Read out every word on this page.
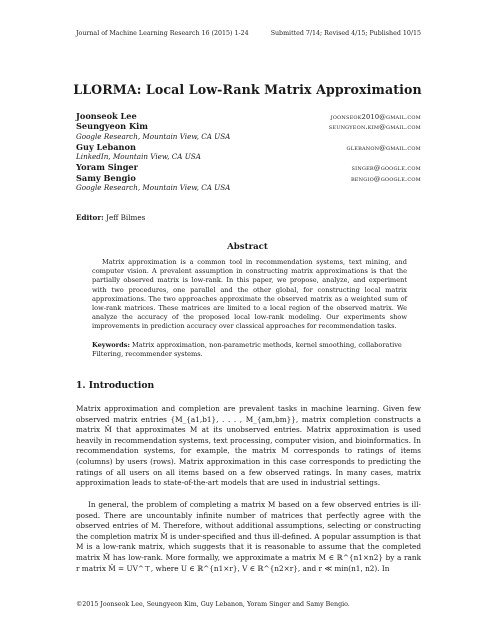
Journal of Machine Learning Research 16 (2015) 1-24	Submitted 7/14; Revised 4/15; Published 10/15
LLORMA: Local Low-Rank Matrix Approximation
Joonseok Lee	joonseok2010@gmail.com
Seungyeon Kim	seungyeon.kim@gmail.com
Google Research, Mountain View, CA USA
Guy Lebanon	glebanon@gmail.com
LinkedIn, Mountain View, CA USA
Yoram Singer	singer@google.com
Samy Bengio	bengio@google.com
Google Research, Mountain View, CA USA
Editor: Jeff Bilmes
Abstract
Matrix approximation is a common tool in recommendation systems, text mining, and computer vision. A prevalent assumption in constructing matrix approximations is that the partially observed matrix is low-rank. In this paper, we propose, analyze, and experiment with two procedures, one parallel and the other global, for constructing local matrix approximations. The two approaches approximate the observed matrix as a weighted sum of low-rank matrices. These matrices are limited to a local region of the observed matrix. We analyze the accuracy of the proposed local low-rank modeling. Our experiments show improvements in prediction accuracy over classical approaches for recommendation tasks.
Keywords: Matrix approximation, non-parametric methods, kernel smoothing, collaborative Filtering, recommender systems.
1. Introduction
Matrix approximation and completion are prevalent tasks in machine learning. Given few observed matrix entries {M_{a1,b1}, . . . , M_{am,bm}}, matrix completion constructs a matrix M̂ that approximates M at its unobserved entries. Matrix approximation is used heavily in recommendation systems, text processing, computer vision, and bioinformatics. In recommendation systems, for example, the matrix M corresponds to ratings of items (columns) by users (rows). Matrix approximation in this case corresponds to predicting the ratings of all users on all items based on a few observed ratings. In many cases, matrix approximation leads to state-of-the-art models that are used in industrial settings.
In general, the problem of completing a matrix M based on a few observed entries is ill-posed. There are uncountably infinite number of matrices that perfectly agree with the observed entries of M. Therefore, without additional assumptions, selecting or constructing the completion matrix M̂ is under-specified and thus ill-defined. A popular assumption is that M is a low-rank matrix, which suggests that it is reasonable to assume that the completed matrix M̂ has low-rank. More formally, we approximate a matrix M ∈ ℝ^{n1×n2} by a rank r matrix M̂ = UV^⊤, where U ∈ ℝ^{n1×r}, V ∈ ℝ^{n2×r}, and r ≪ min(n1, n2). In
©2015 Joonseok Lee, Seungyeon Kim, Guy Lebanon, Yoram Singer and Samy Bengio.
